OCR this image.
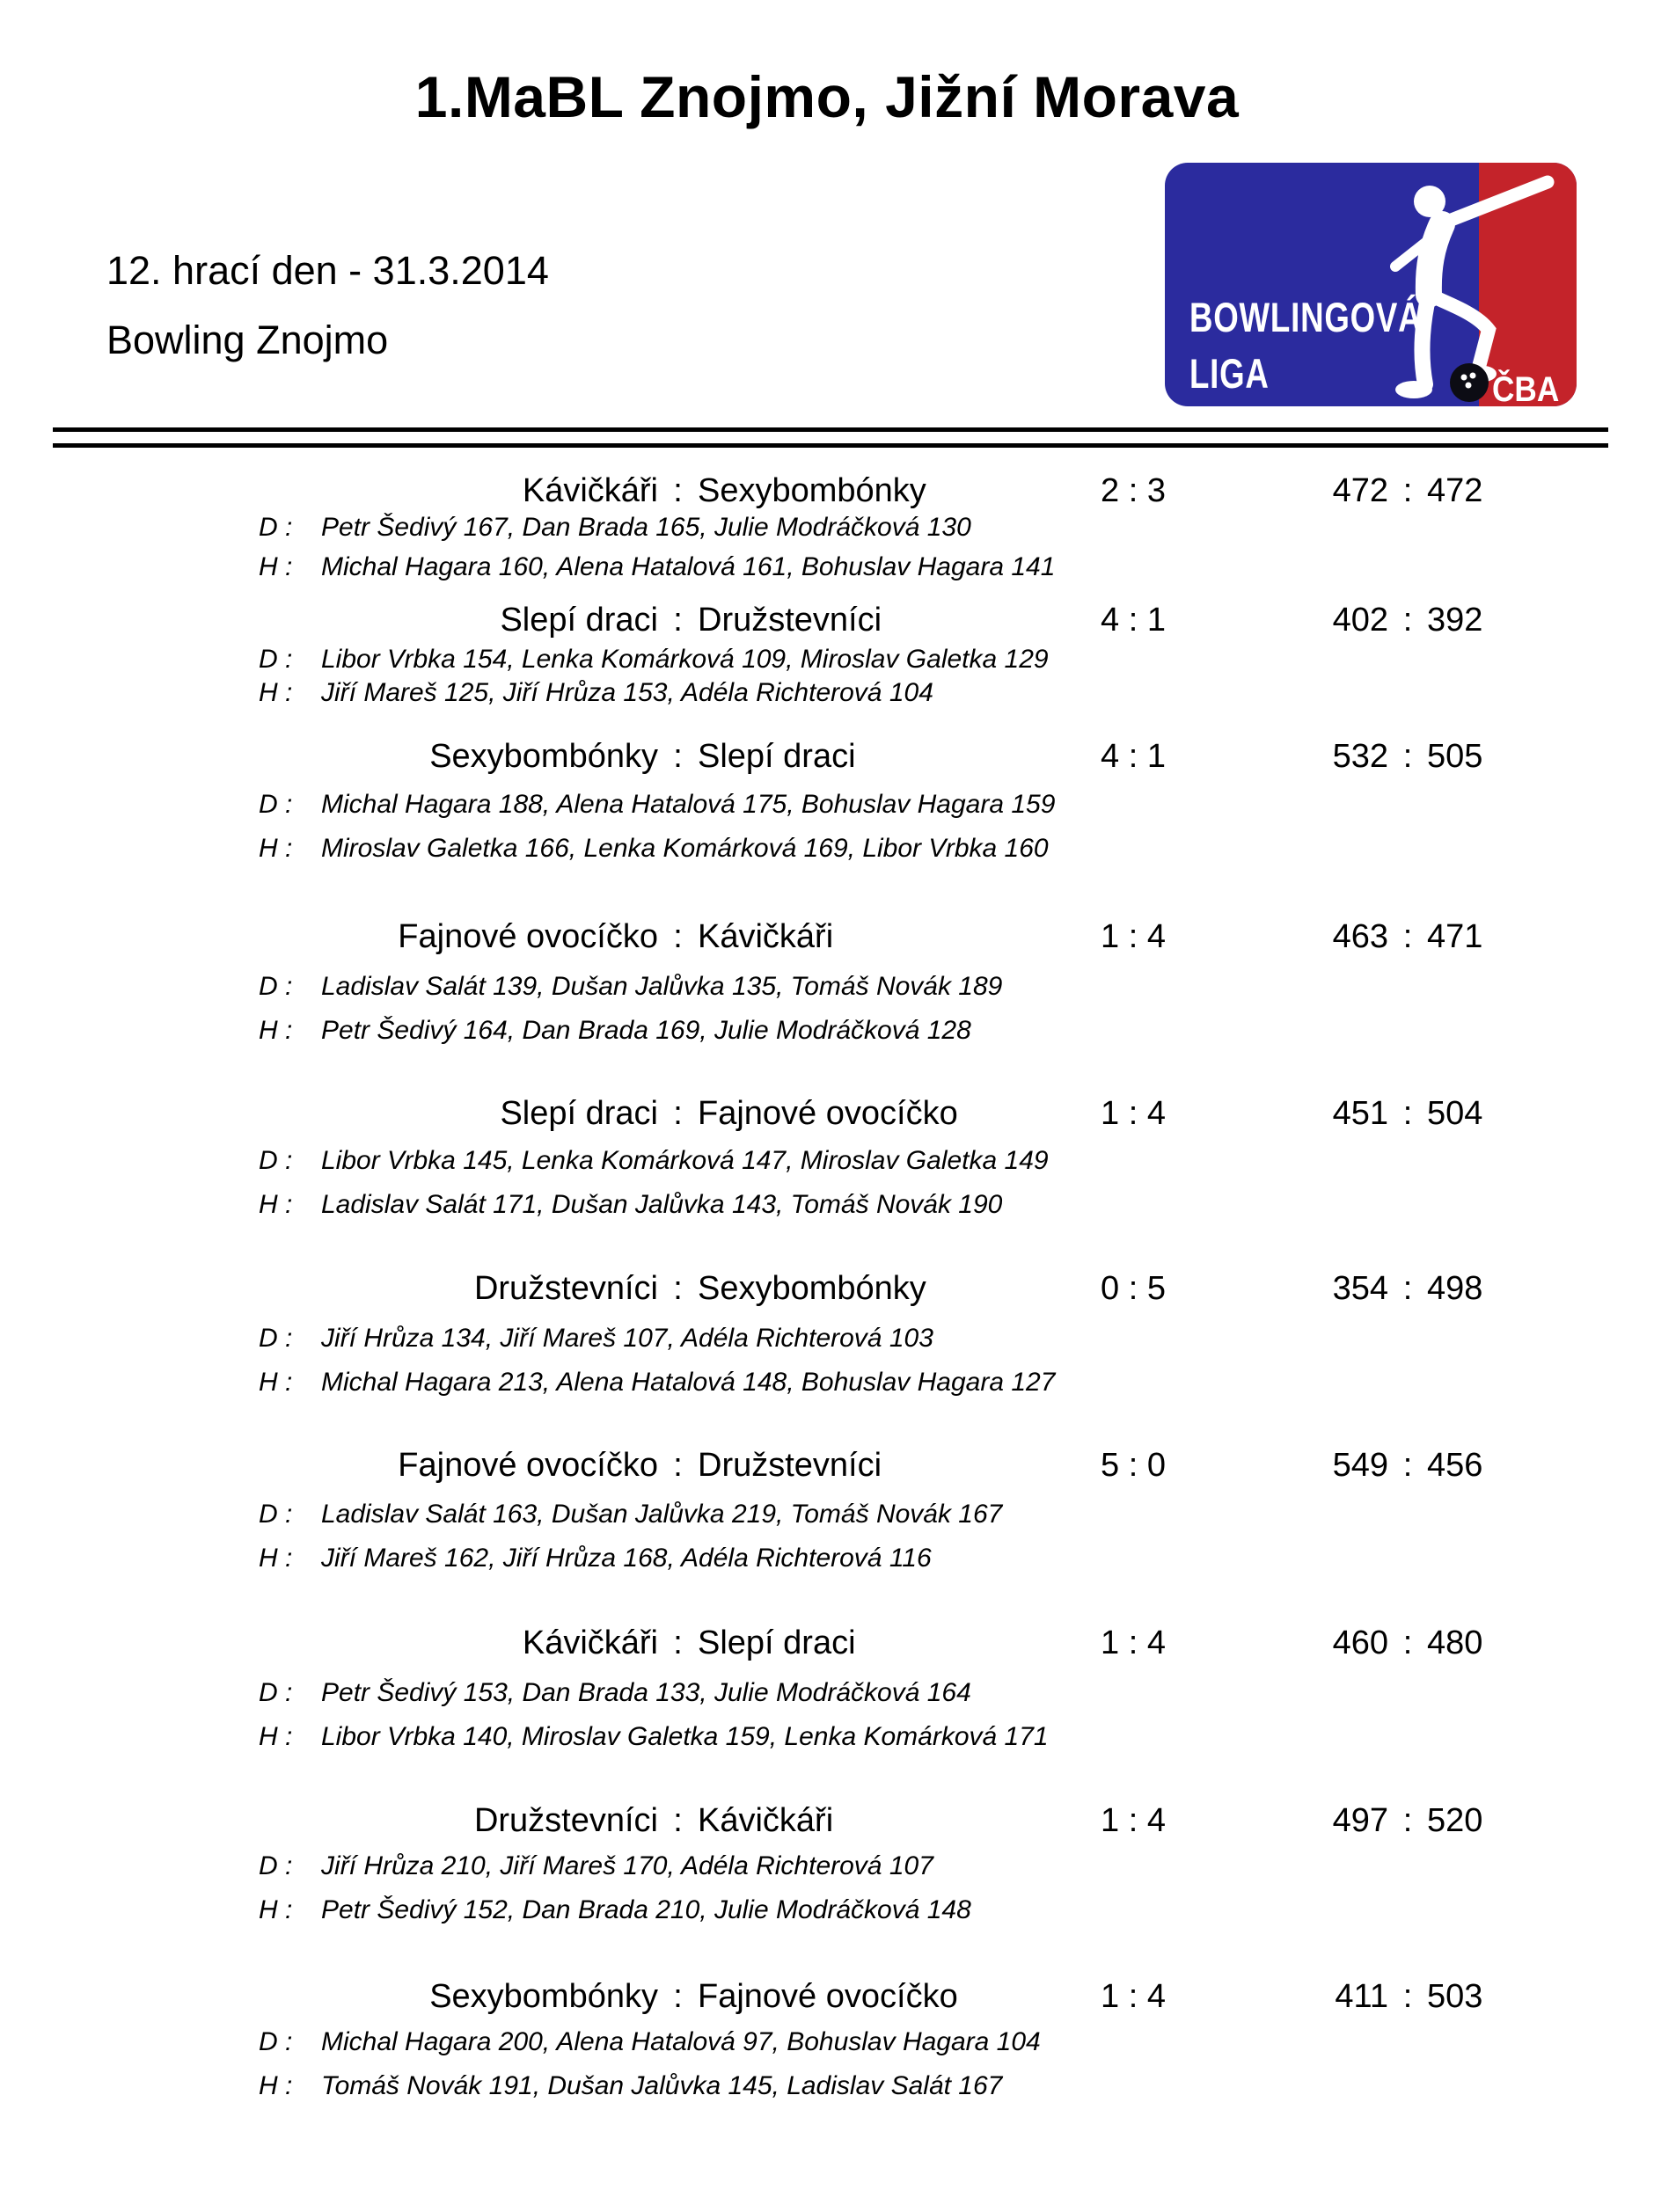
1.MaBL Znojmo, Jižní Morava
12. hrací den - 31.3.2014
Bowling Znojmo	BOWLINGOVÁ
LIGA	ČBA
Kávičkáři : Sexybombónky	2 : 3	472 : 472
D : Petr Šedivý 167, Dan Brada 165, Julie Modráčková 130
H : Michal Hagara 160, Alena Hatalová 161, Bohuslav Hagara 141
Slepí draci : Družstevníci	4 : 1	402 : 392
D : Libor Vrbka 154, Lenka Komárková 109, Miroslav Galetka 129
H : Jiří Mareš 125, Jiří Hrůza 153, Adéla Richterová 104
Sexybombónky : Slepí draci	4 : 1	532 : 505
D : Michal Hagara 188, Alena Hatalová 175, Bohuslav Hagara 159
H : Miroslav Galetka 166, Lenka Komárková 169, Libor Vrbka 160
Fajnové ovocíčko : Kávičkáři	1 : 4	463 : 471
D : Ladislav Salát 139, Dušan Jalůvka 135, Tomáš Novák 189
H : Petr Šedivý 164, Dan Brada 169, Julie Modráčková 128
Slepí draci : Fajnové ovocíčko	1 : 4	451 : 504
D : Libor Vrbka 145, Lenka Komárková 147, Miroslav Galetka 149
H : Ladislav Salát 171, Dušan Jalůvka 143, Tomáš Novák 190
Družstevníci : Sexybombónky	0 : 5	354 : 498
D : Jiří Hrůza 134, Jiří Mareš 107, Adéla Richterová 103
H : Michal Hagara 213, Alena Hatalová 148, Bohuslav Hagara 127
Fajnové ovocíčko : Družstevníci	5 : 0	549 : 456
D : Ladislav Salát 163, Dušan Jalůvka 219, Tomáš Novák 167
H : Jiří Mareš 162, Jiří Hrůza 168, Adéla Richterová 116
Kávičkáři : Slepí draci	1 : 4	460 : 480
D : Petr Šedivý 153, Dan Brada 133, Julie Modráčková 164
H : Libor Vrbka 140, Miroslav Galetka 159, Lenka Komárková 171
Družstevníci : Kávičkáři	1 : 4	497 : 520
D : Jiří Hrůza 210, Jiří Mareš 170, Adéla Richterová 107
H : Petr Šedivý 152, Dan Brada 210, Julie Modráčková 148
Sexybombónky : Fajnové ovocíčko	1 : 4	411 : 503
D : Michal Hagara 200, Alena Hatalová 97, Bohuslav Hagara 104
H : Tomáš Novák 191, Dušan Jalůvka 145, Ladislav Salát 167
